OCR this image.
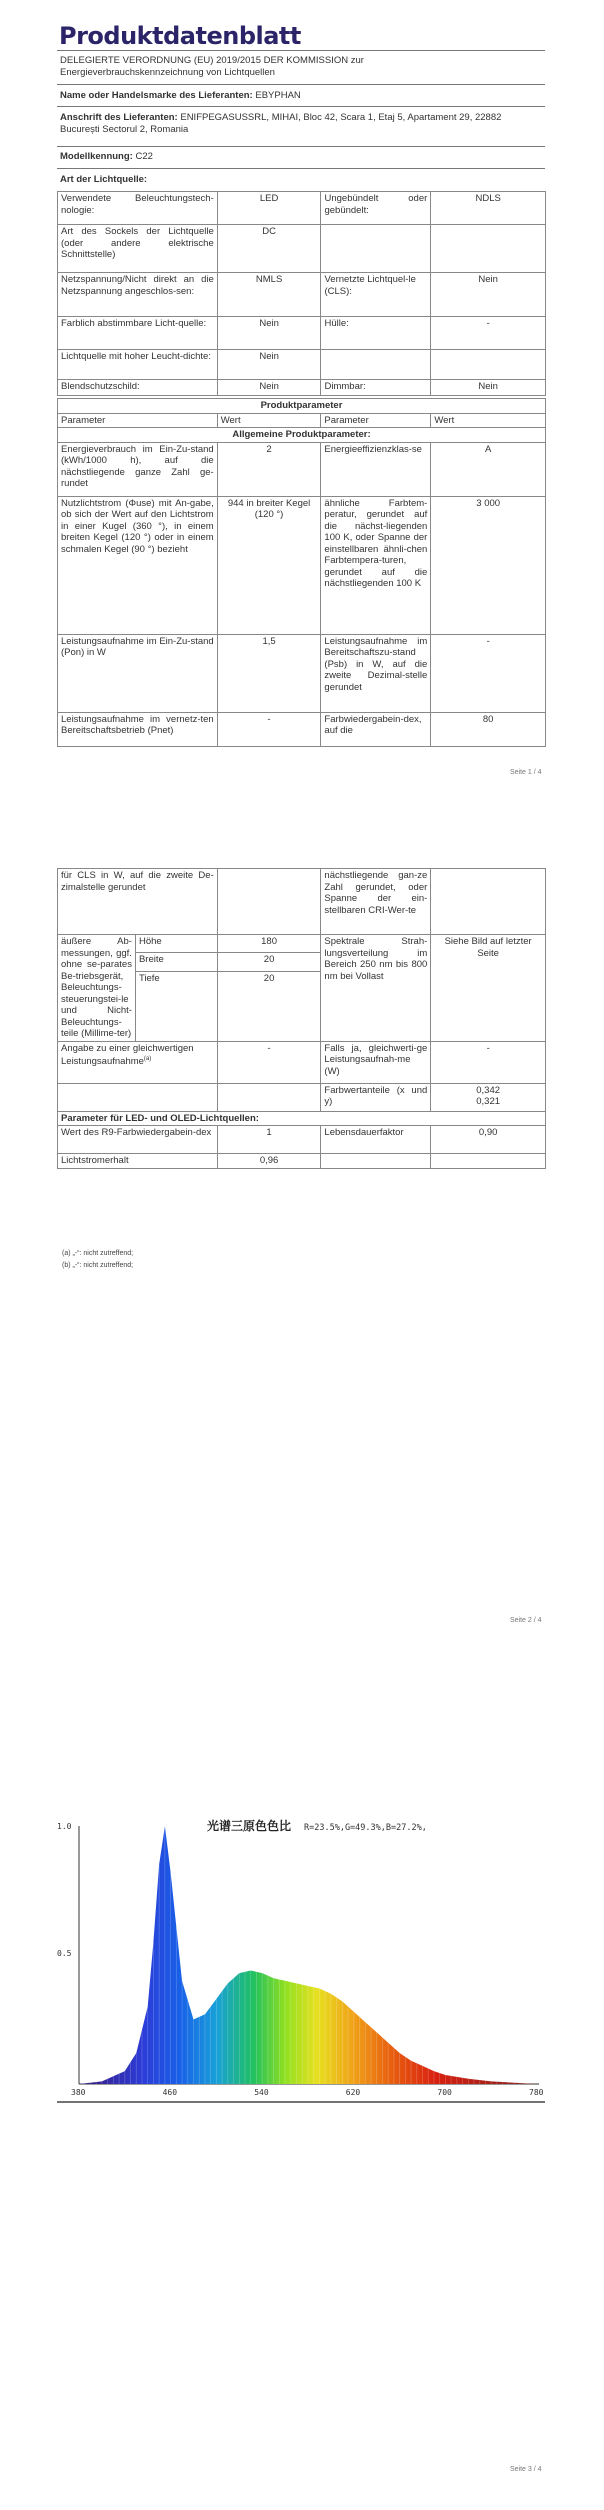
Produktdatenblatt
DELEGIERTE VERORDNUNG (EU) 2019/2015 DER KOMMISSION zur Energieverbrauchskennzeichnung von Lichtquellen
Name oder Handelsmarke des Lieferanten: EBYPHAN
Anschrift des Lieferanten: ENIFPEGASUSSRL, MIHAI, Bloc 42, Scara 1, Etaj 5, Apartament 29, 22882 București Sectorul 2, Romania
Modellkennung: C22
Art der Lichtquelle:
Verwendete Beleuchtungstech-nologie:	LED	Ungebündelt oder gebündelt:	NDLS
Art des Sockels der Lichtquelle (oder andere elektrische Schnittstelle)	DC		
Netzspannung/Nicht direkt an die Netzspannung angeschlos-sen:	NMLS	Vernetzte Lichtquel-le (CLS):	Nein
Farblich abstimmbare Licht-quelle:	Nein	Hülle:	-
Lichtquelle mit hoher Leucht-dichte:	Nein		
Blendschutzschild:	Nein	Dimmbar:	Nein
Produktparameter			
Parameter	Wert	Parameter	Wert
Allgemeine Produktparameter:			
Energieverbrauch im Ein-Zu-stand (kWh/1000 h), auf die nächstliegende ganze Zahl ge-rundet	2	Energieeffizienzklas-se	A
Nutzlichtstrom (Φuse) mit An-gabe, ob sich der Wert auf den Lichtstrom in einer Kugel (360 °), in einem breiten Kegel (120 °) oder in einem schmalen Kegel (90 °) bezieht	944 in breiter Kegel (120 °)	ähnliche Farbtem-peratur, gerundet auf die nächst-liegenden 100 K, oder Spanne der einstellbaren ähnli-chen Farbtempera-turen, gerundet auf die nächstliegenden 100 K	3 000
Leistungsaufnahme im Ein-Zu-stand (Pon) in W	1,5	Leistungsaufnahme im Bereitschaftszu-stand (Psb) in W, auf die zweite Dezimal-stelle gerundet	-
Leistungsaufnahme im vernetz-ten Bereitschaftsbetrieb (Pnet)	-	Farbwiedergabein-dex, auf die	80
Seite 1 / 4
für CLS in W, auf die zweite De-zimalstelle gerundet			nächstliegende gan-ze Zahl gerundet, oder Spanne der ein-stellbaren CRI-Wer-te	
äußere Ab-messungen, ggf. ohne se-parates Be-triebsgerät, Beleuchtungs-steuerungstei-le und Nicht-Beleuchtungs-teile (Millime-ter)	Höhe	180	Spektrale Strah-lungsverteilung im Bereich 250 nm bis 800 nm bei Vollast	Siehe Bild auf letzter Seite
	Breite	20		
	Tiefe	20		
Angabe zu einer gleichwertigen Leistungsaufnahme$^{(a)}$		-	Falls ja, gleichwerti-ge Leistungsaufnah-me (W)	-
			Farbwertanteile (x und y)	0,342
0,321

Parameter für LED- und OLED-Lichtquellen:				
Wert des R9-Farbwiedergabein-dex		1	Lebensdauerfaktor	0,90
Lichtstromerhalt		0,96		
(a) „-“: nicht zutreffend;
(b) „-“: nicht zutreffend;
Seite 2 / 4
光谱三原色色比 R=23.5%,G=49.3%,B=27.2%,
1.0
0.5
380	460	540	620	700	780
Seite 3 / 4
